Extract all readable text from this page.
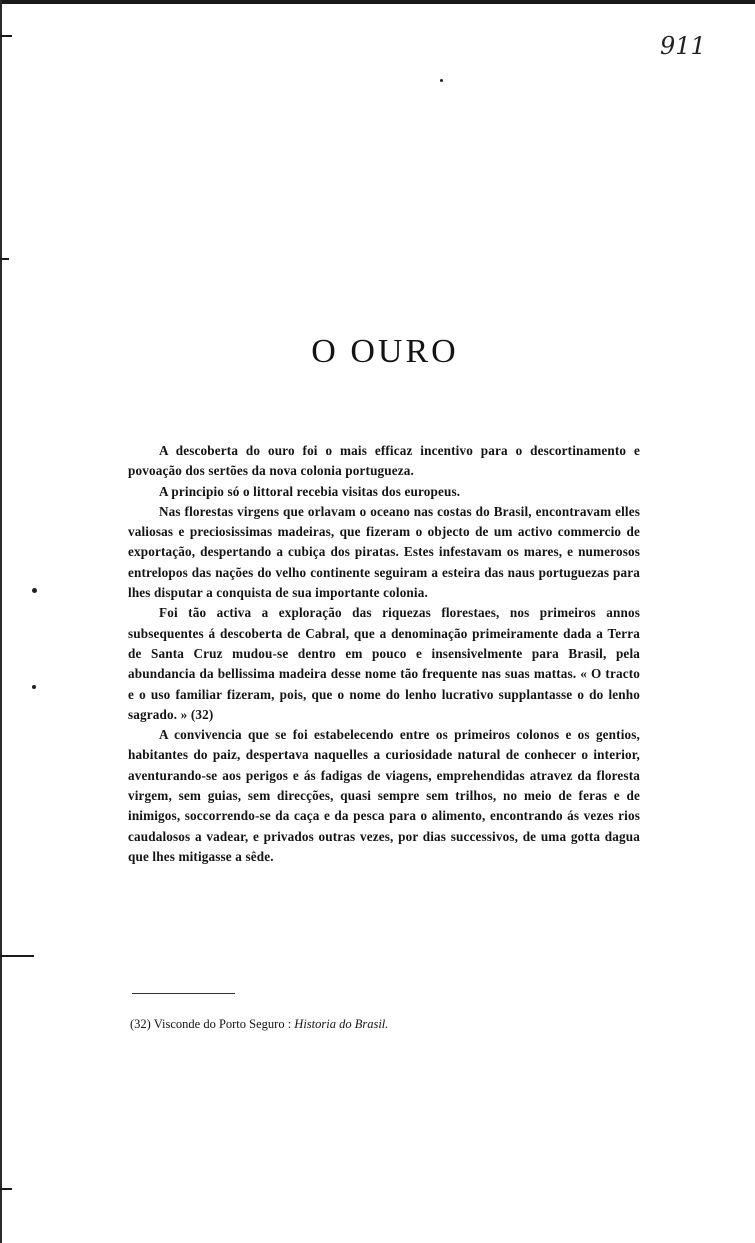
911
O OURO

A descoberta do ouro foi o mais efficaz incentivo para o descortinamento e povoação dos sertões da nova colonia portugueza.

A principio só o littoral recebia visitas dos europeus.

Nas florestas virgens que orlavam o oceano nas costas do Brasil, encontravam elles valiosas e preciosissimas madeiras, que fizeram o objecto de um activo commercio de exportação, despertando a cubiça dos piratas. Estes infestavam os mares, e numerosos entrelopos das nações do velho continente seguiram a esteira das naus portuguezas para lhes disputar a conquista de sua importante colonia.

Foi tão activa a exploração das riquezas florestaes, nos primeiros annos subsequentes á descoberta de Cabral, que a denominação primeiramente dada a Terra de Santa Cruz mudou-se dentro em pouco e insensivelmente para Brasil, pela abundancia da bellissima madeira desse nome tão frequente nas suas mattas. « O tracto e o uso familiar fizeram, pois, que o nome do lenho lucrativo supplantasse o do lenho sagrado. » (32)

A convivencia que se foi estabelecendo entre os primeiros colonos e os gentios, habitantes do paiz, despertava naquelles a curiosidade natural de conhecer o interior, aventurando-se aos perigos e ás fadigas de viagens, emprehendidas atravez da floresta virgem, sem guias, sem direcções, quasi sempre sem trilhos, no meio de feras e de inimigos, soccorrendo-se da caça e da pesca para o alimento, encontrando ás vezes rios caudalosos a vadear, e privados outras vezes, por dias successivos, de uma gotta dagua que lhes mitigasse a sêde.

(32) Visconde do Porto Seguro : Historia do Brasil.
